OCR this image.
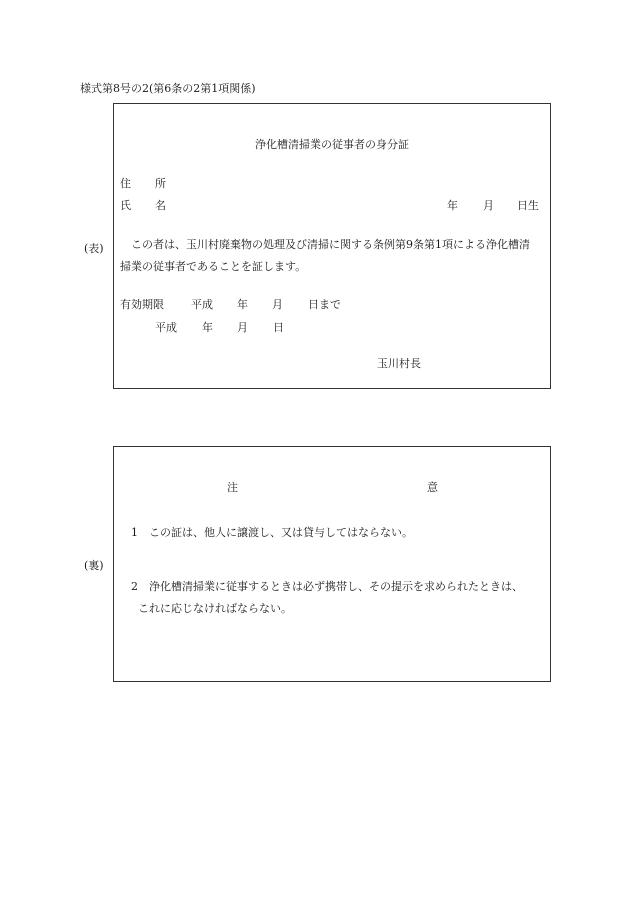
様式第8号の2(第6条の2第1項関係)
(表)
浄化槽清掃業の従事者の身分証
住 所
氏 名	年 月 日生
この者は、玉川村廃棄物の処理及び清掃に関する条例第9条第1項による浄化槽清
掃業の従事者であることを証します。
有効期限 平成 年 月 日まで
平成 年 月 日
玉川村長
(裏)
注	意
1　この証は、他人に譲渡し、又は貸与してはならない。
2　浄化槽清掃業に従事するときは必ず携帯し、その提示を求められたときは、
これに応じなければならない。
